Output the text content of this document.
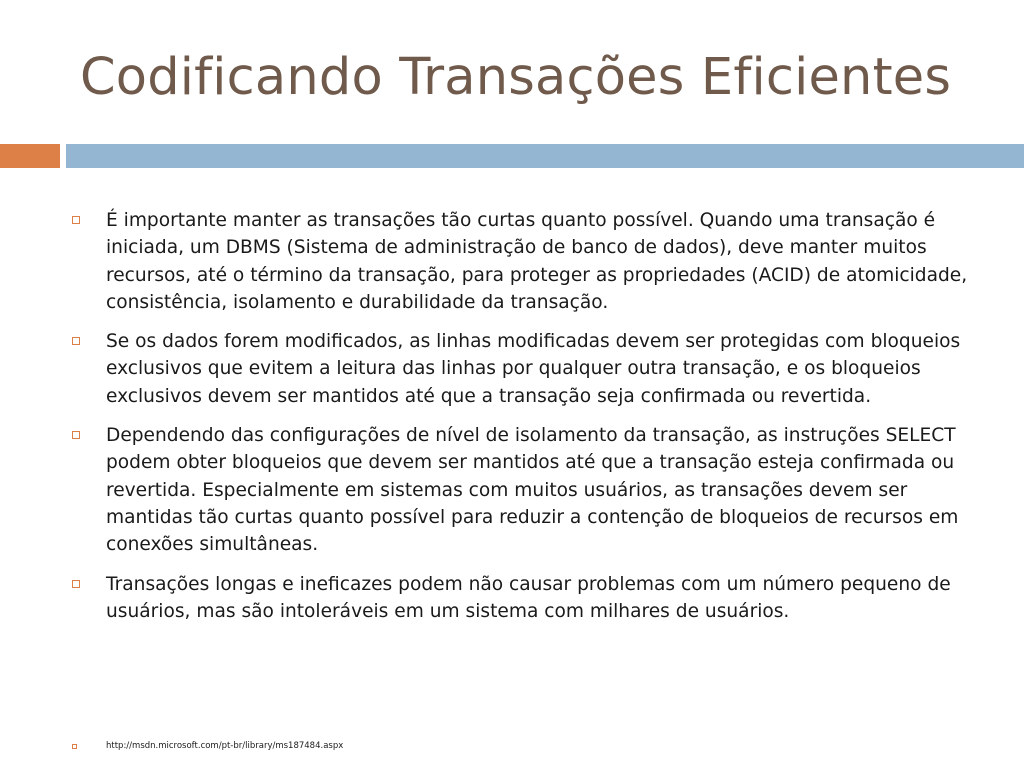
Codificando Transações Eficientes
É importante manter as transações tão curtas quanto possível. Quando uma transação é iniciada, um DBMS (Sistema de administração de banco de dados), deve manter muitos recursos, até o término da transação, para proteger as propriedades (ACID) de atomicidade, consistência, isolamento e durabilidade da transação.
Se os dados forem modificados, as linhas modificadas devem ser protegidas com bloqueios exclusivos que evitem a leitura das linhas por qualquer outra transação, e os bloqueios exclusivos devem ser mantidos até que a transação seja confirmada ou revertida.
Dependendo das configurações de nível de isolamento da transação, as instruções SELECT podem obter bloqueios que devem ser mantidos até que a transação esteja confirmada ou revertida. Especialmente em sistemas com muitos usuários, as transações devem ser mantidas tão curtas quanto possível para reduzir a contenção de bloqueios de recursos em conexões simultâneas.
Transações longas e ineficazes podem não causar problemas com um número pequeno de usuários, mas são intoleráveis em um sistema com milhares de usuários.
http://msdn.microsoft.com/pt-br/library/ms187484.aspx
